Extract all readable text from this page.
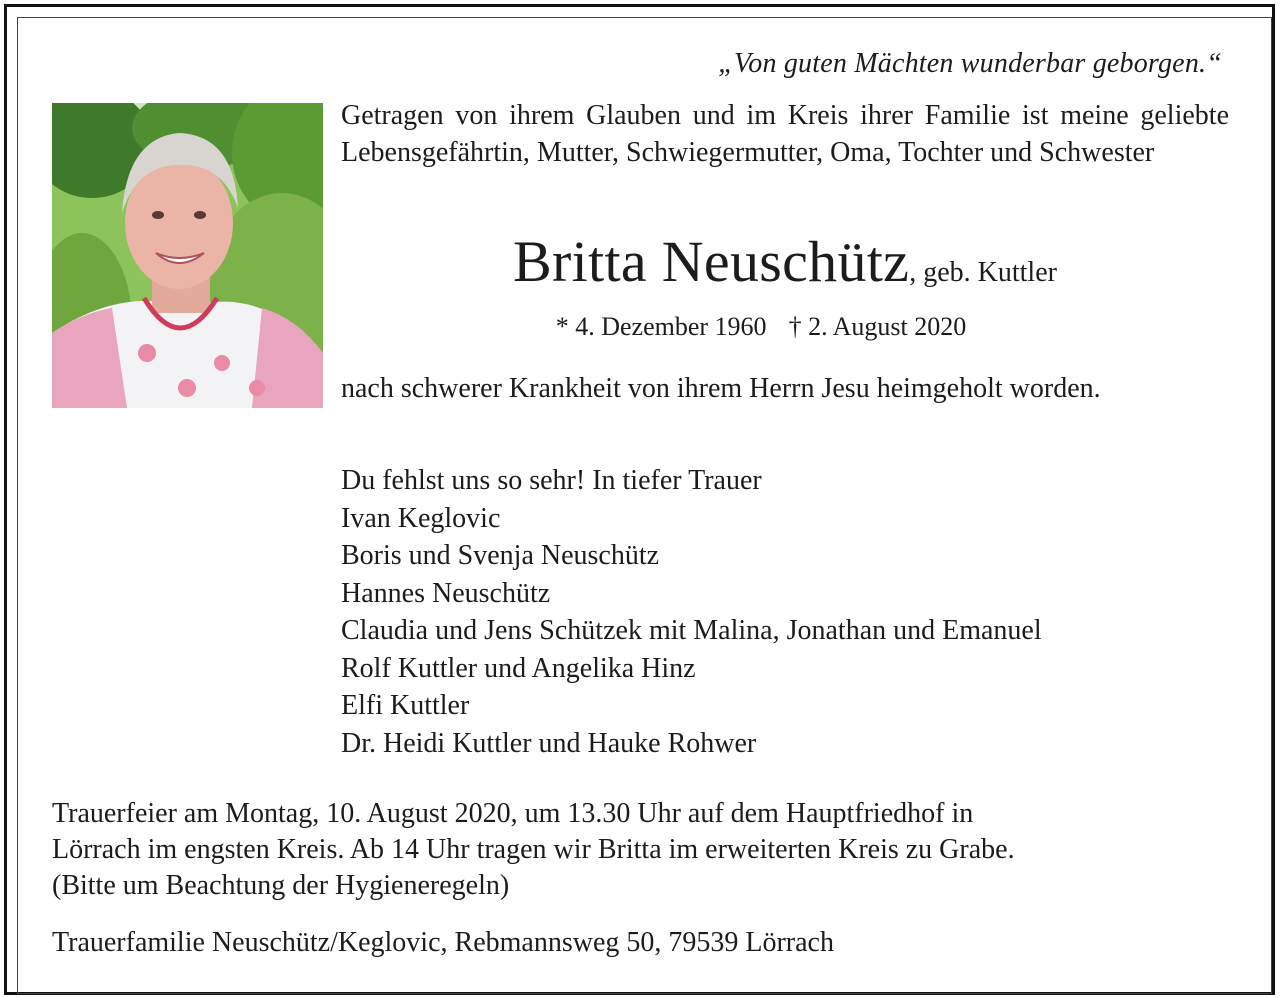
„Von guten Mächten wunderbar geborgen.“
Getragen von ihrem Glauben und im Kreis ihrer Familie ist meine geliebte Lebensgefährtin, Mutter, Schwiegermutter, Oma, Tochter und Schwester
Britta Neuschütz, geb. Kuttler
* 4. Dezember 1960 † 2. August 2020
nach schwerer Krankheit von ihrem Herrn Jesu heimgeholt worden.
Du fehlst uns so sehr! In tiefer Trauer
Ivan Keglovic
Boris und Svenja Neuschütz
Hannes Neuschütz
Claudia und Jens Schützek mit Malina, Jonathan und Emanuel
Rolf Kuttler und Angelika Hinz
Elfi Kuttler
Dr. Heidi Kuttler und Hauke Rohwer
Trauerfeier am Montag, 10. August 2020, um 13.30 Uhr auf dem Hauptfriedhof in
Lörrach im engsten Kreis. Ab 14 Uhr tragen wir Britta im erweiterten Kreis zu Grabe.
(Bitte um Beachtung der Hygieneregeln)
Trauerfamilie Neuschütz/Keglovic, Rebmannsweg 50, 79539 Lörrach
